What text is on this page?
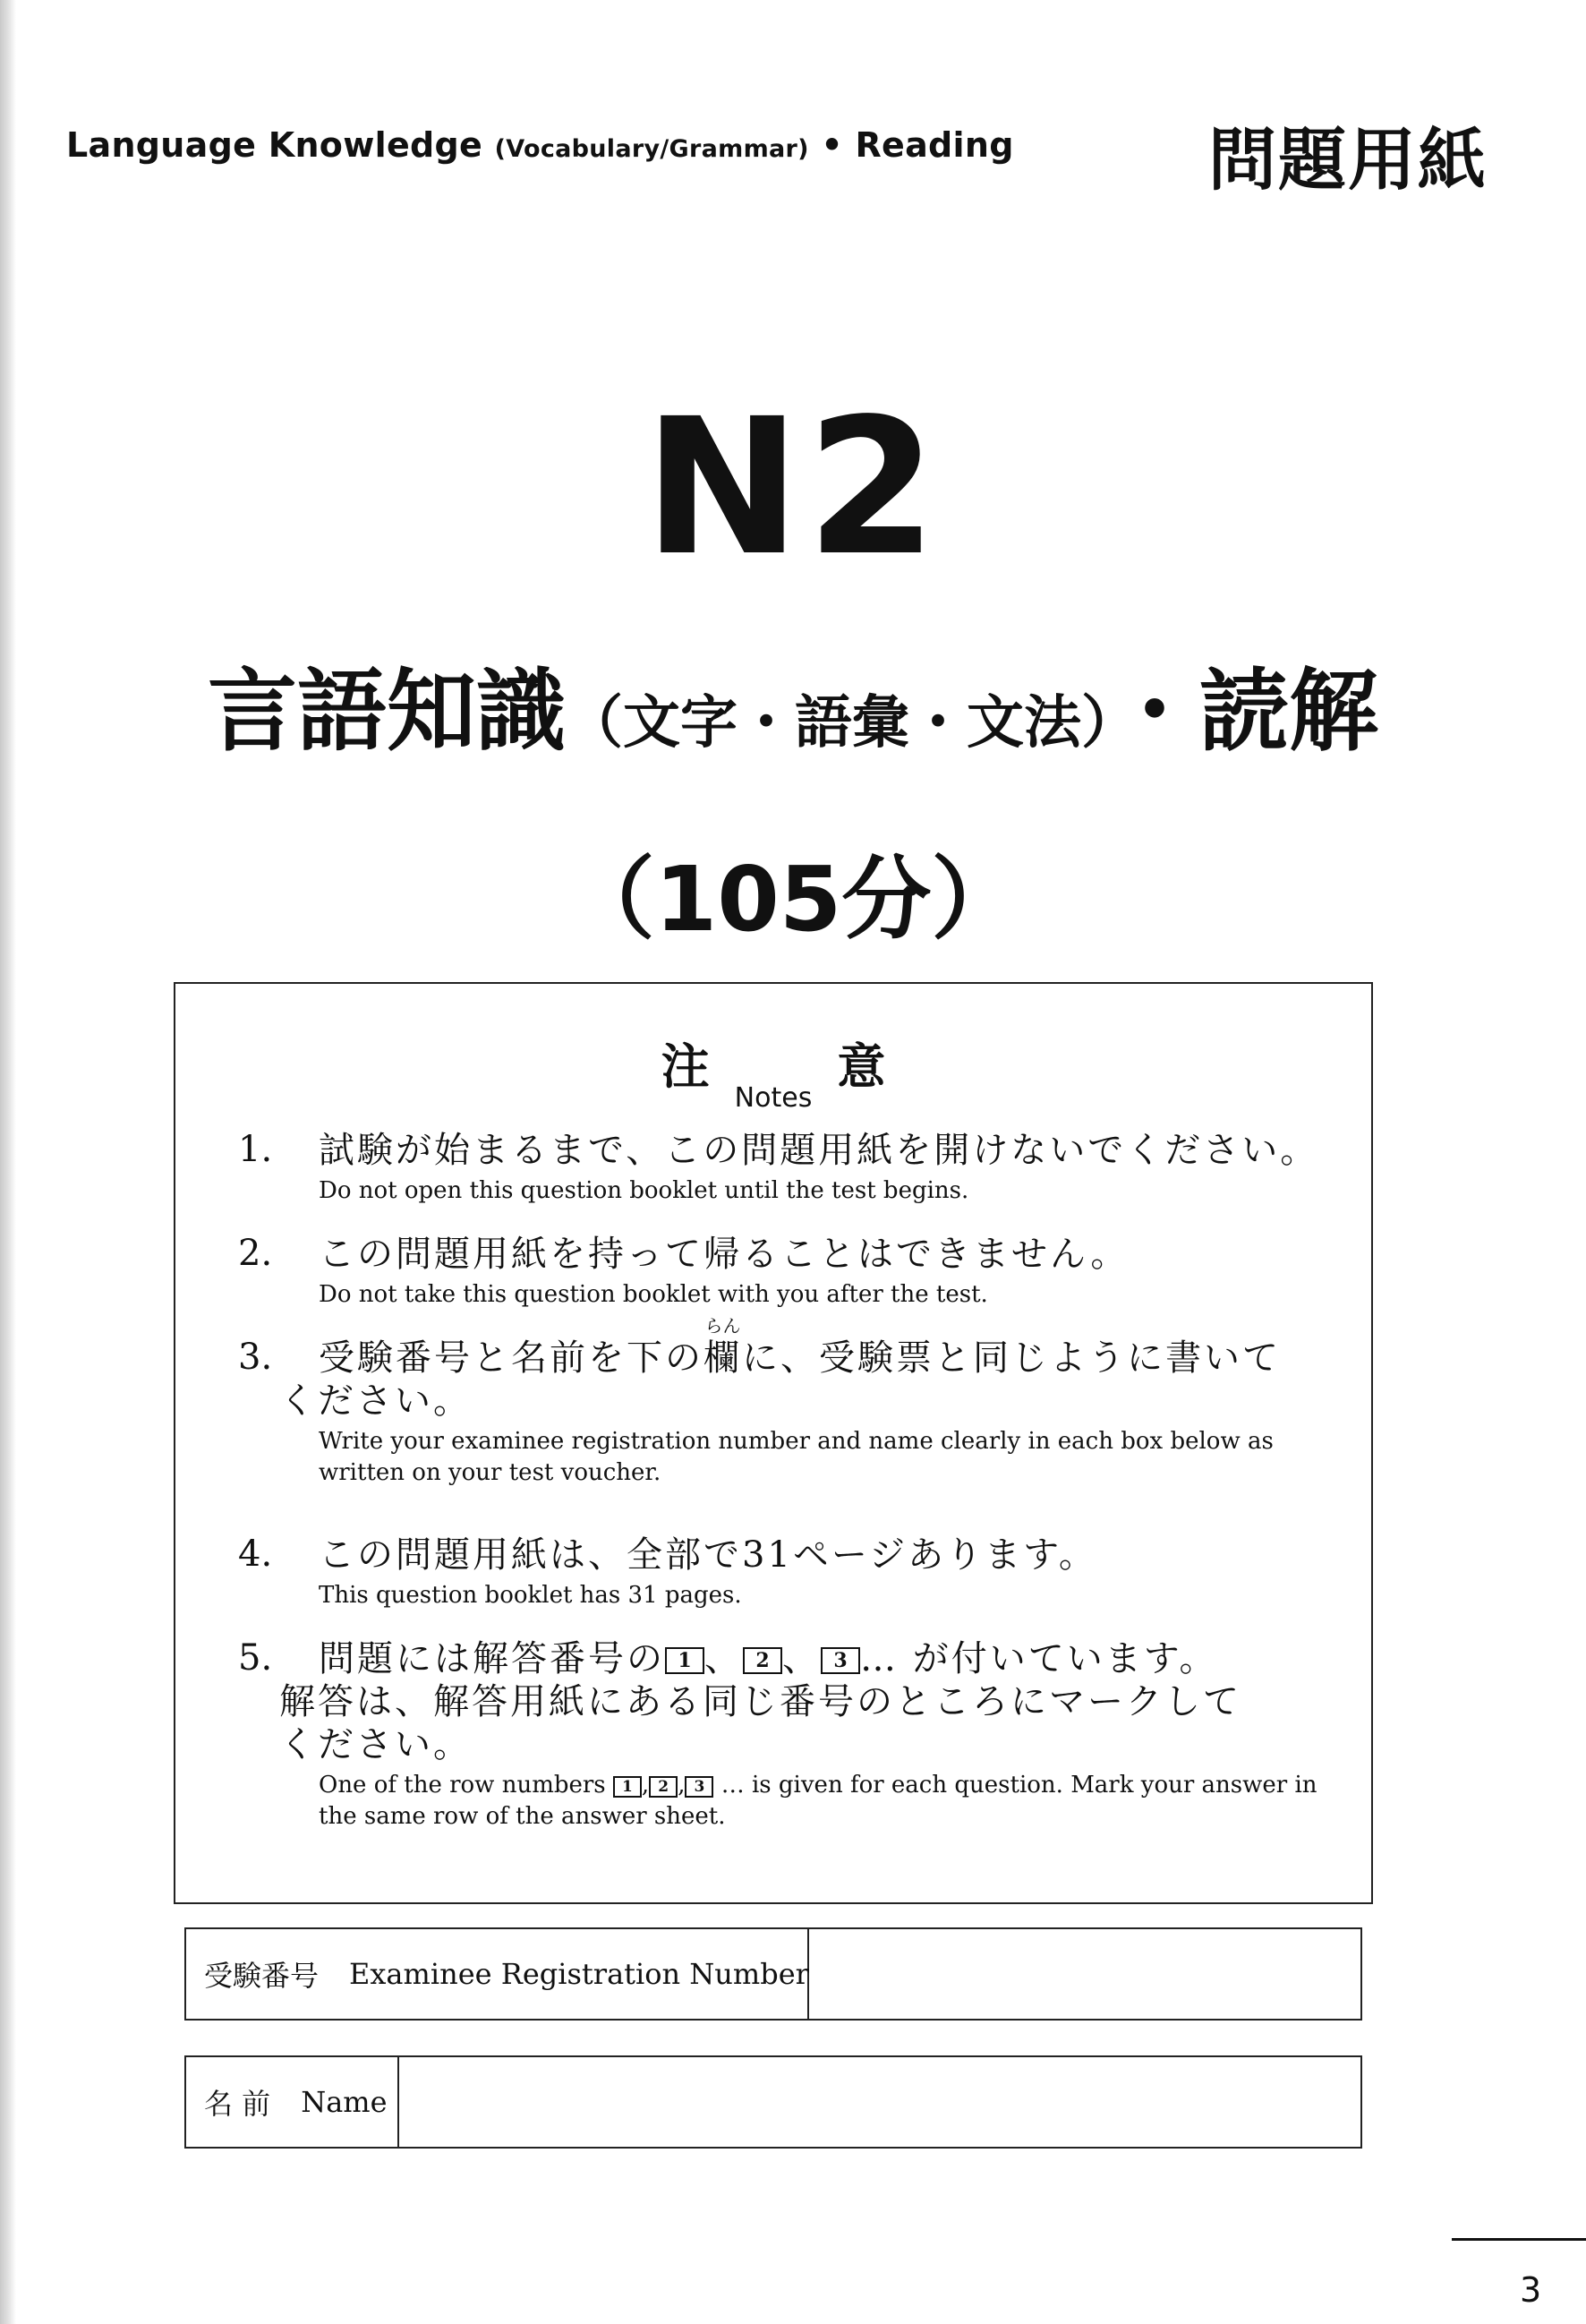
Language Knowledge (Vocabulary/Grammar) • Reading	問題用紙
N2
言語知識（文字・語彙・文法）・読解
（105分）
注$_{Notes}$意
1. 試験が始まるまで、この問題用紙を開けないでください。
Do not open this question booklet until the test begins.
2. この問題用紙を持って帰ることはできません。
Do not take this question booklet with you after the test.
3. 受験番号と名前を下の
らん
欄に、受験票と同じように書いて
ください。
Write your examinee registration number and name clearly in each box below as written on your test voucher.
4. この問題用紙は、全部で31ページあります。
This question booklet has 31 pages.
5. 問題には解答番号の 1 、 2 、 3 … が付いています。
解答は、解答用紙にある同じ番号のところにマークして
ください。
One of the row numbers 1 , 2 , 3 … is given for each question. Mark your answer in the same row of the answer sheet.
受験番号 Examinee Registration Number
名 前 Name
3
